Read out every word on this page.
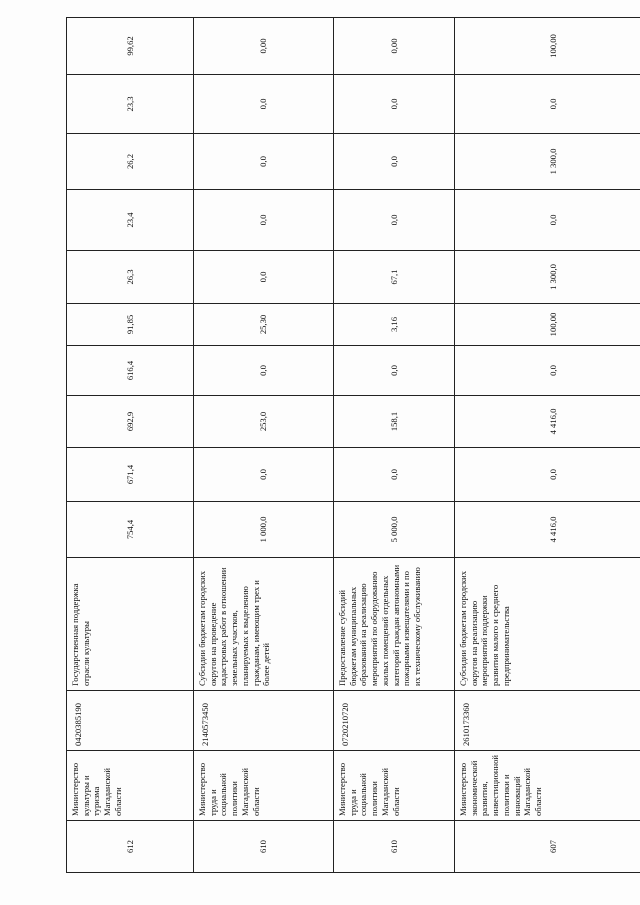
612	Министерство культуры и туризма Магаданской области	0420385190	Государственная поддержка отрасли культуры	754,4	671,4	692,9	616,4	91,85	26,3	23,4	26,2	23,3	99,62
610	Министерство труда и социальной политики Магаданской области	2140573450	Субсидии бюджетам городских округов на проведение кадастровых работ в отношении земельных участков, планируемых к выделению гражданам, имеющим трех и более детей	1 000,0	0,0	253,0	0,0	25,30	0,0	0,0	0,0	0,0	0,00
610	Министерство труда и социальной политики Магаданской области	0720210720	Предоставление субсидий бюджетам муниципальных образований на реализацию мероприятий по оборудованию жилых помещений отдельных категорий граждан автономными пожарными извещателями и по их техническому обслуживанию	5 000,0	0,0	158,1	0,0	3,16	67,1	0,0	0,0	0,0	0,00
607	Министерство экономической развития, инвестиционной политики и инноваций Магаданской области	2610173360	Субсидии бюджетам городских округов на реализацию мероприятий поддержки развития малого и среднего предпринимательства	4 416,0	0,0	4 416,0	0,0	100,00	1 300,0	0,0	1 300,0	0,0	100,00
